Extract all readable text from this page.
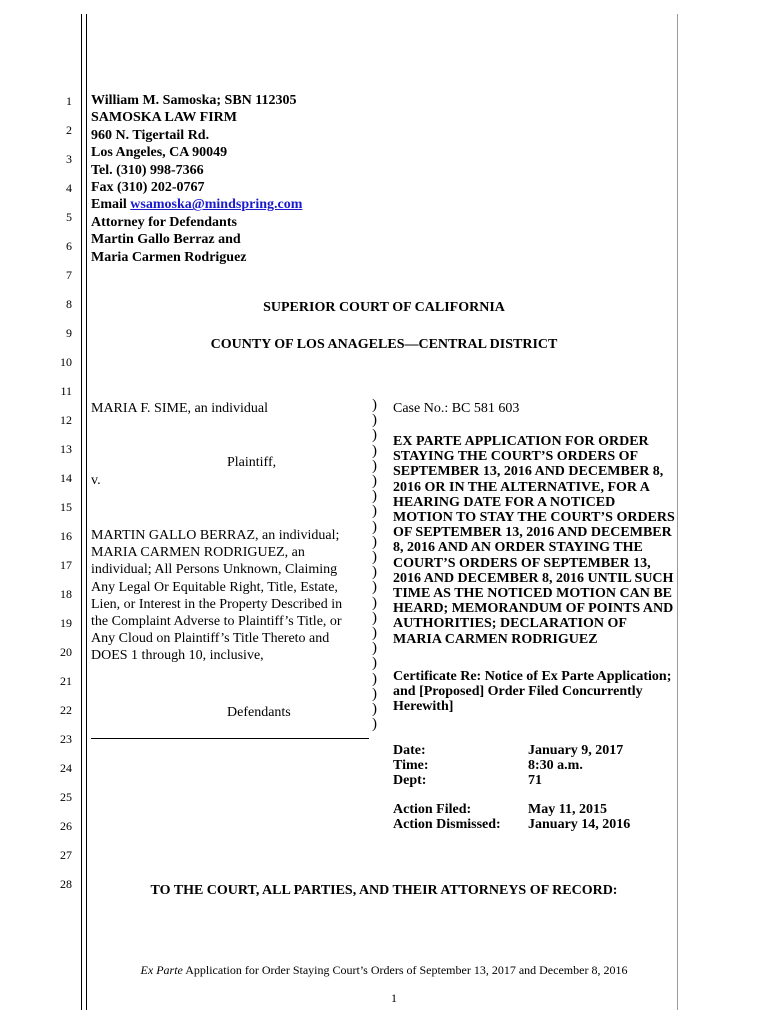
1
2
3
4
5
6
7
8
9
10
11
12
13
14
15
16
17
18
19
20
21
22
23
24
25
26
27
28
William M. Samoska; SBN 112305
SAMOSKA LAW FIRM
960 N. Tigertail Rd.
Los Angeles, CA 90049
Tel. (310) 998-7366
Fax (310) 202-0767
Email wsamoska@mindspring.com
Attorney for Defendants
Martin Gallo Berraz and
Maria Carmen Rodriguez
SUPERIOR COURT OF CALIFORNIA
COUNTY OF LOS ANAGELES—CENTRAL DISTRICT
MARIA F. SIME, an individual
Plaintiff,
v.
MARTIN GALLO BERRAZ, an individual; MARIA CARMEN RODRIGUEZ, an individual; All Persons Unknown, Claiming Any Legal Or Equitable Right, Title, Estate, Lien, or Interest in the Property Described in the Complaint Adverse to Plaintiff’s Title, or Any Cloud on Plaintiff’s Title Thereto and DOES 1 through 10, inclusive,
Defendants
)
)
)
)
)
)
)
)
)
)
)
)
)
)
)
)
)
)
)
)
)
)
Case No.: BC 581 603
EX PARTE APPLICATION FOR ORDER STAYING THE COURT’S ORDERS OF SEPTEMBER 13, 2016 AND DECEMBER 8, 2016 OR IN THE ALTERNATIVE, FOR A HEARING DATE FOR A NOTICED MOTION TO STAY THE COURT’S ORDERS OF SEPTEMBER 13, 2016 AND DECEMBER 8, 2016 AND AN ORDER STAYING THE COURT’S ORDERS OF SEPTEMBER 13, 2016 AND DECEMBER 8, 2016 UNTIL SUCH TIME AS THE NOTICED MOTION CAN BE HEARD; MEMORANDUM OF POINTS AND AUTHORITIES; DECLARATION OF MARIA CARMEN RODRIGUEZ
Certificate Re: Notice of Ex Parte Application; and [Proposed] Order Filed Concurrently Herewith]
Date:	January 9, 2017
Time:	8:30 a.m.
Dept:	71
Action Filed:	May 11, 2015
Action Dismissed: January 14, 2016
TO THE COURT, ALL PARTIES, AND THEIR ATTORNEYS OF RECORD:
Ex Parte Application for Order Staying Court’s Orders of September 13, 2017 and December 8, 2016
1
